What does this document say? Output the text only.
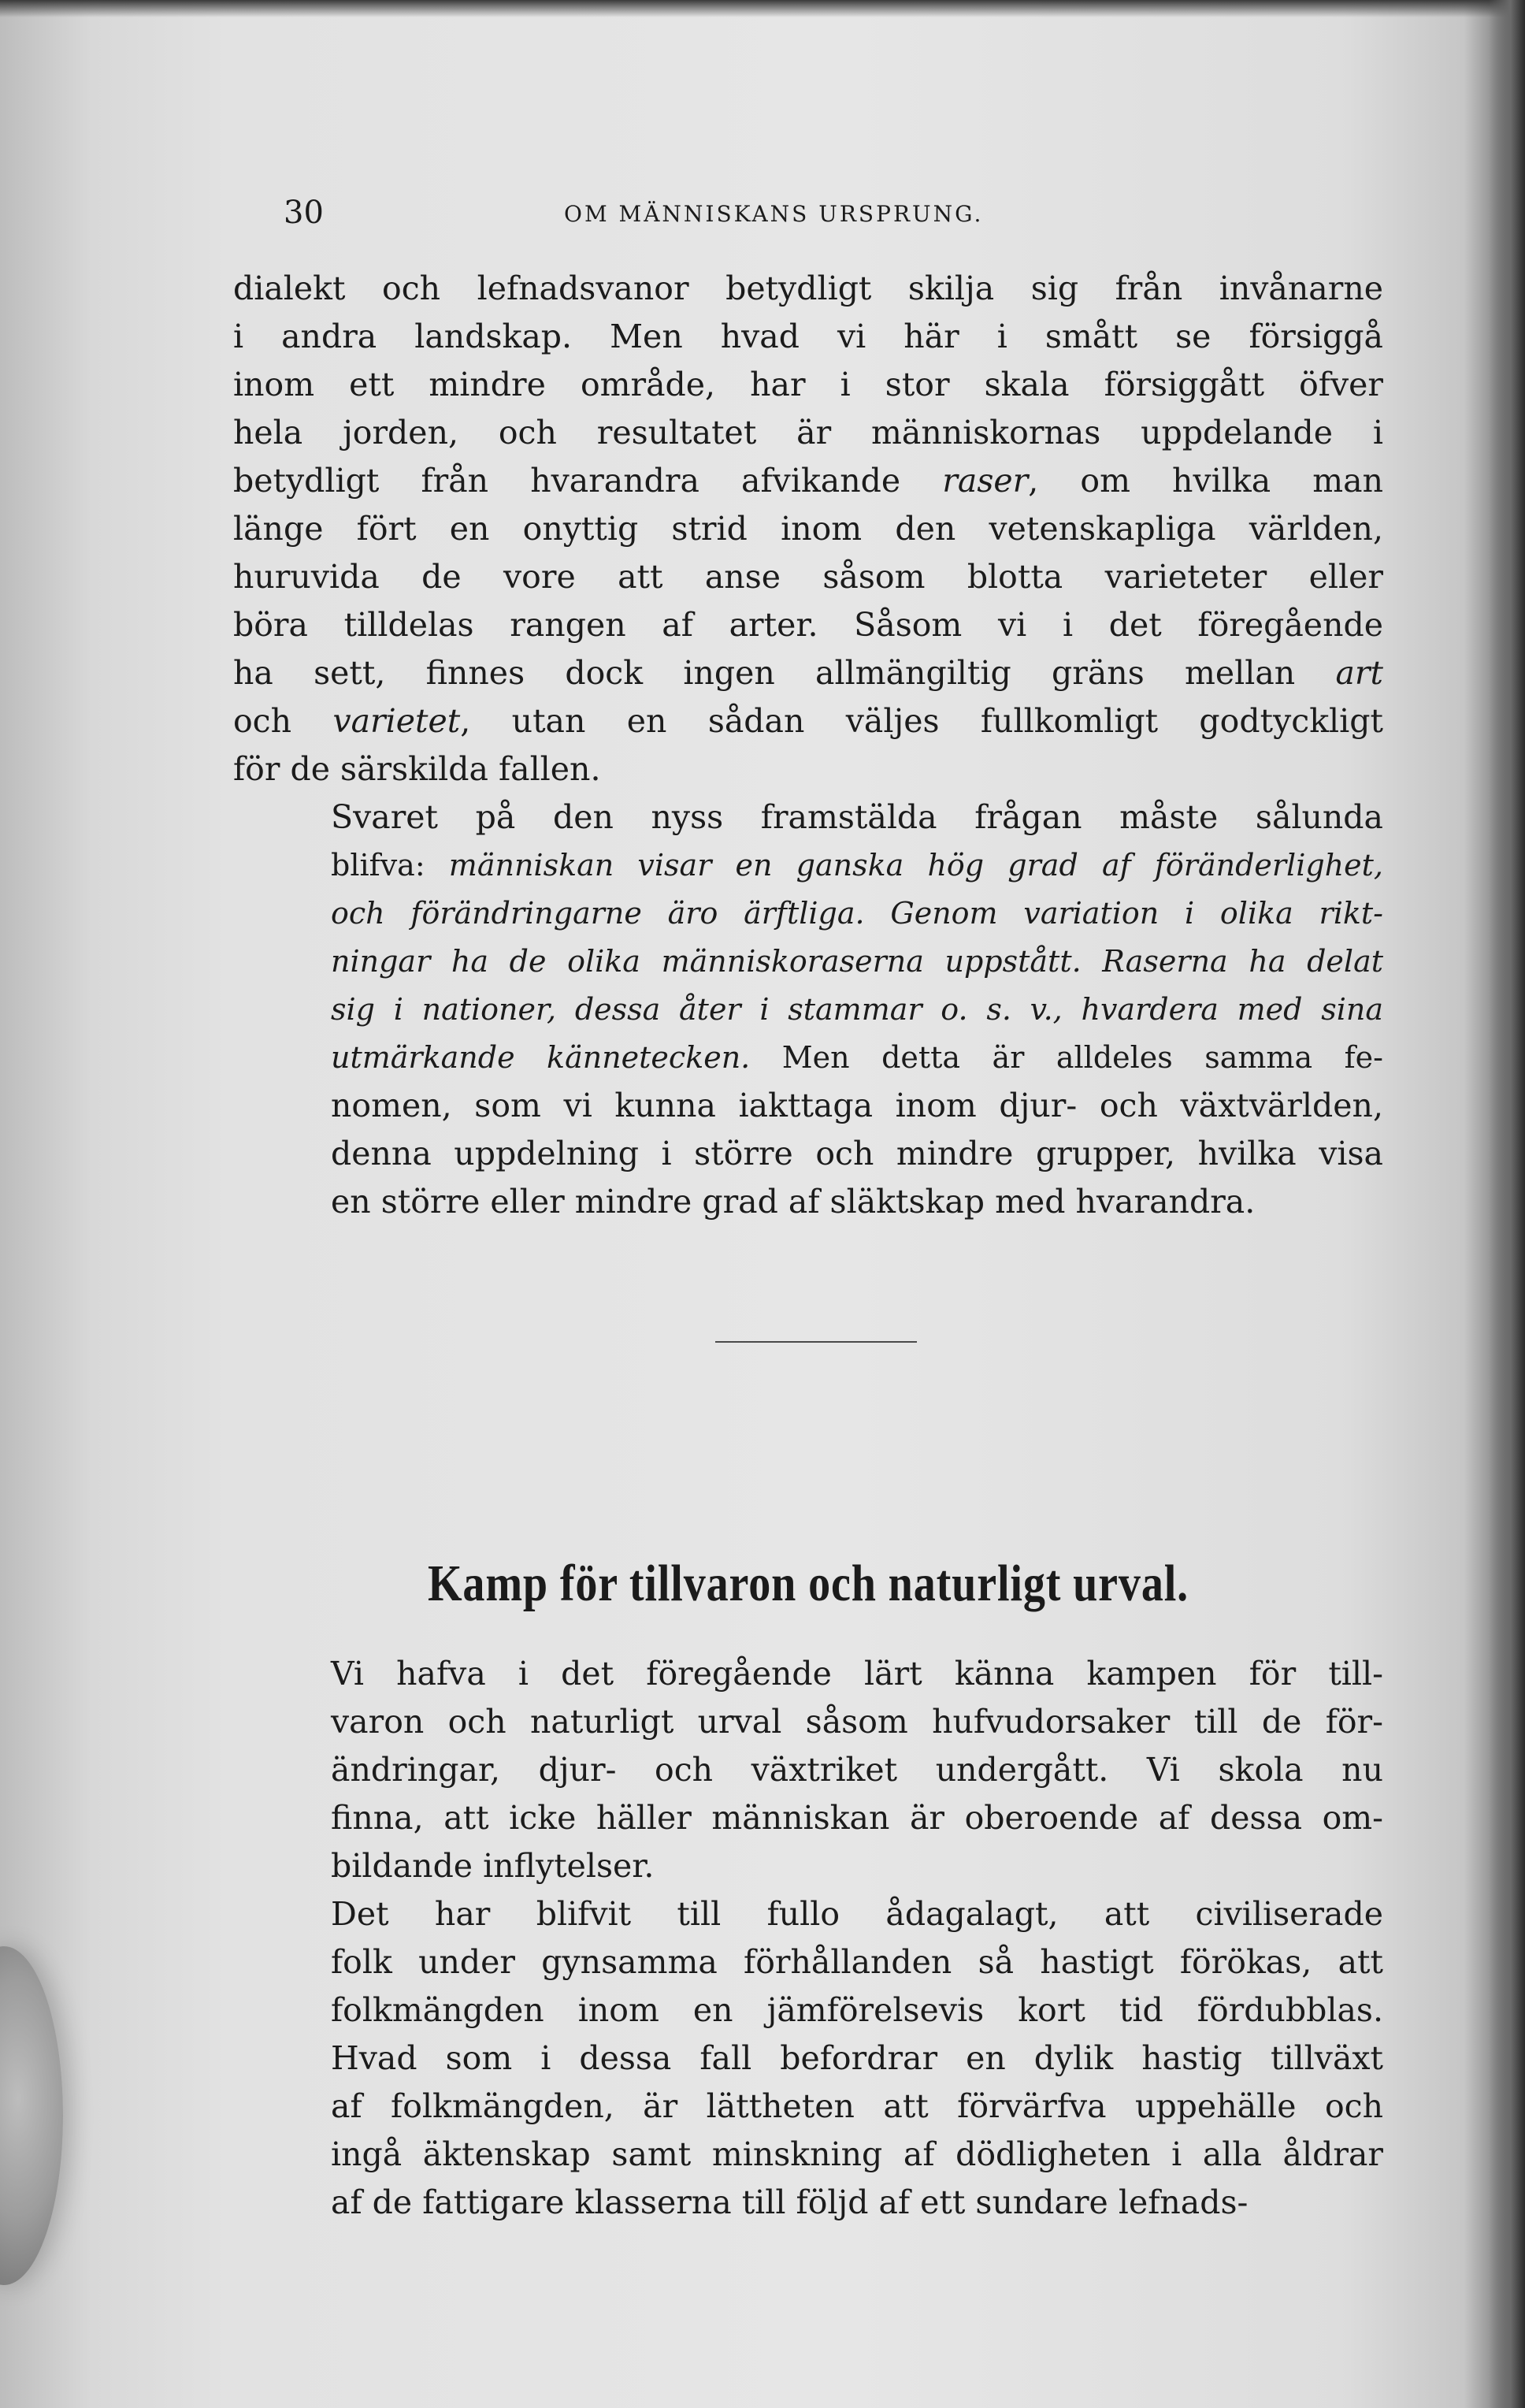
30	OM MÄNNISKANS URSPRUNG.

dialekt och lefnadsvanor betydligt skilja sig från invånarne
i andra landskap. Men hvad vi här i smått se försiggå
inom ett mindre område, har i stor skala försiggått öfver
hela jorden, och resultatet är människornas uppdelande i
betydligt från hvarandra afvikande raser, om hvilka man
länge fört en onyttig strid inom den vetenskapliga världen,
huruvida de vore att anse såsom blotta varieteter eller
böra tilldelas rangen af arter. Såsom vi i det föregående
ha sett, finnes dock ingen allmängiltig gräns mellan art
och varietet, utan en sådan väljes fullkomligt godtyckligt
för de särskilda fallen.

Svaret på den nyss framstälda frågan måste sålunda
blifva: människan visar en ganska hög grad af föränderlighet,
och förändringarne äro ärftliga. Genom variation i olika rikt-
ningar ha de olika människoraserna uppstått. Raserna ha delat
sig i nationer, dessa åter i stammar o. s. v., hvardera med sina
utmärkande kännetecken. Men detta är alldeles samma fe-
nomen, som vi kunna iakttaga inom djur- och växtvärlden,
denna uppdelning i större och mindre grupper, hvilka visa
en större eller mindre grad af släktskap med hvarandra.

Kamp för tillvaron och naturligt urval.

Vi hafva i det föregående lärt känna kampen för till-
varon och naturligt urval såsom hufvudorsaker till de för-
ändringar, djur- och växtriket undergått. Vi skola nu
finna, att icke häller människan är oberoende af dessa om-
bildande inflytelser.

Det har blifvit till fullo ådagalagt, att civiliserade
folk under gynsamma förhållanden så hastigt förökas, att
folkmängden inom en jämförelsevis kort tid fördubblas.
Hvad som i dessa fall befordrar en dylik hastig tillväxt
af folkmängden, är lättheten att förvärfva uppehälle och
ingå äktenskap samt minskning af dödligheten i alla åldrar
af de fattigare klasserna till följd af ett sundare lefnads-
